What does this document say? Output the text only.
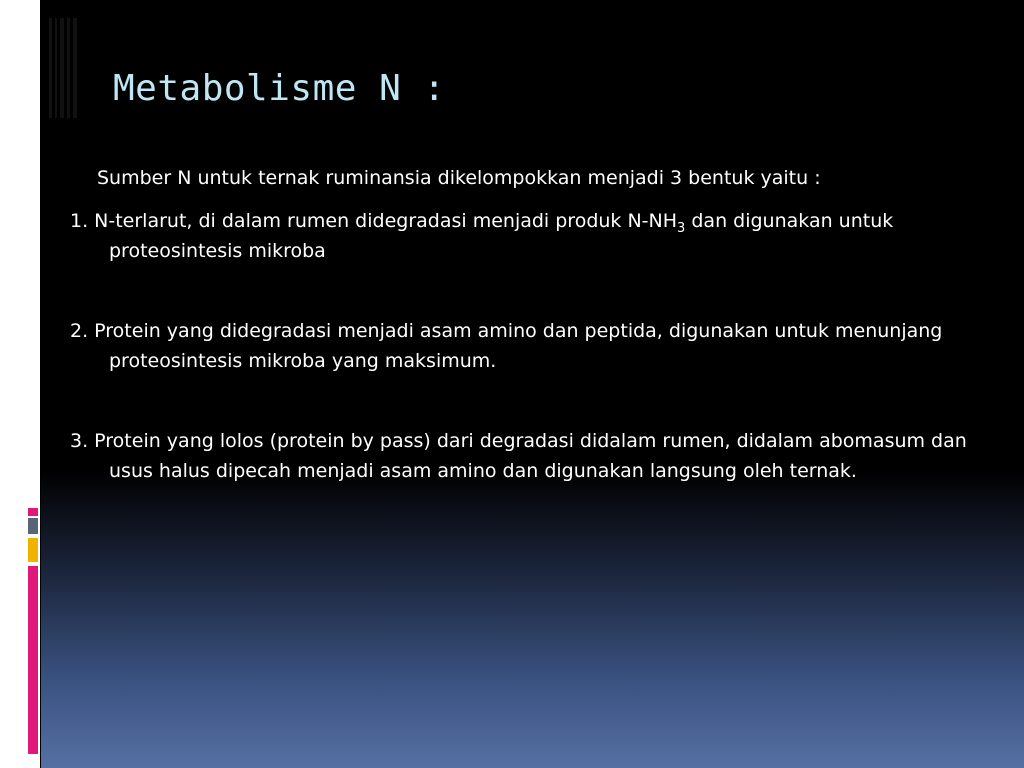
Metabolisme N :

Sumber N untuk ternak ruminansia dikelompokkan menjadi 3 bentuk yaitu :

1. N-terlarut, di dalam rumen didegradasi menjadi produk $N-NH_3$ dan digunakan untuk proteosintesis mikroba
2. Protein yang didegradasi menjadi asam amino dan peptida, digunakan untuk menunjang proteosintesis mikroba yang maksimum.
3. Protein yang lolos (protein by pass) dari degradasi didalam rumen, didalam abomasum dan usus halus dipecah menjadi asam amino dan digunakan langsung oleh ternak.
